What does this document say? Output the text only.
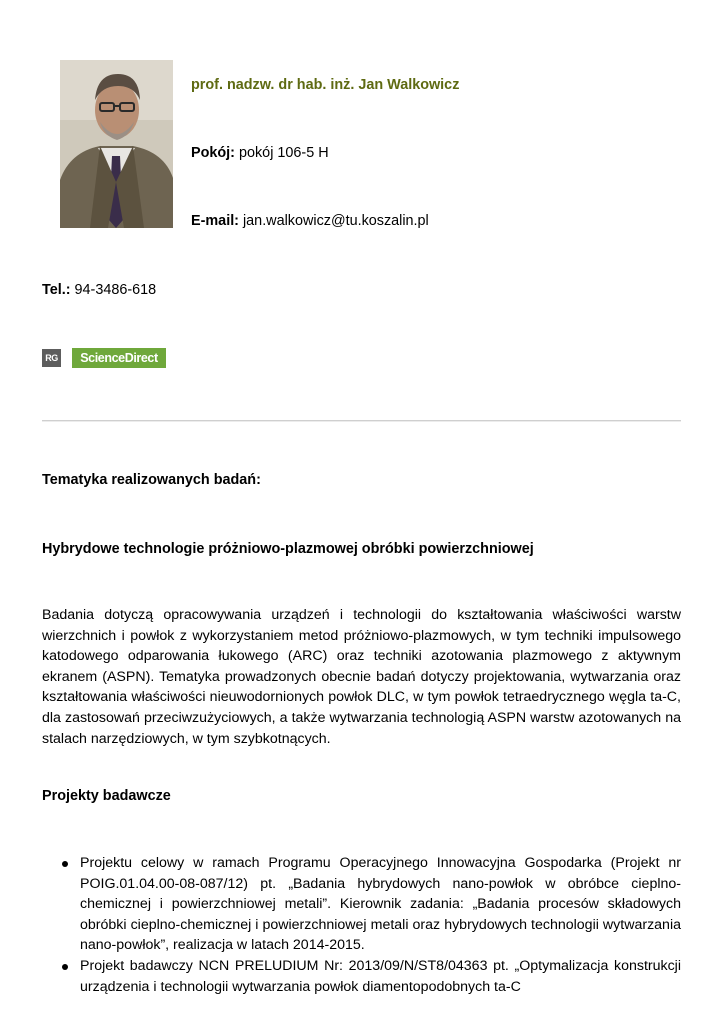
prof. nadzw. dr hab. inż. Jan Walkowicz
Pokój: pokój 106-5 H
E-mail: jan.walkowicz@tu.koszalin.pl
Tel.: 94-3486-618
RG	ScienceDirect
Tematyka realizowanych badań:
Hybrydowe technologie próżniowo-plazmowej obróbki powierzchniowej
Badania dotyczą opracowywania urządzeń i technologii do kształtowania właściwości warstw wierzchnich i powłok z wykorzystaniem metod próżniowo-plazmowych, w tym techniki impulsowego katodowego odparowania łukowego (ARC) oraz techniki azotowania plazmowego z aktywnym ekranem (ASPN). Tematyka prowadzonych obecnie badań dotyczy projektowania, wytwarzania oraz kształtowania właściwości nieuwodornionych powłok DLC, w tym powłok tetraedrycznego węgla ta-C, dla zastosowań przeciwzużyciowych, a także wytwarzania technologią ASPN warstw azotowanych na stalach narzędziowych, w tym szybkotnących.
Projekty badawcze
Projektu celowy w ramach Programu Operacyjnego Innowacyjna Gospodarka (Projekt nr POIG.01.04.00-08-087/12) pt. „Badania hybrydowych nano-powłok w obróbce cieplno-chemicznej i powierzchniowej metali”. Kierownik zadania: „Badania procesów składowych obróbki cieplno-chemicznej i powierzchniowej metali oraz hybrydowych technologii wytwarzania nano-powłok”, realizacja w latach 2014-2015.
Projekt badawczy NCN PRELUDIUM Nr: 2013/09/N/ST8/04363 pt. „Optymalizacja konstrukcji urządzenia i technologii wytwarzania powłok diamentopodobnych ta-C
